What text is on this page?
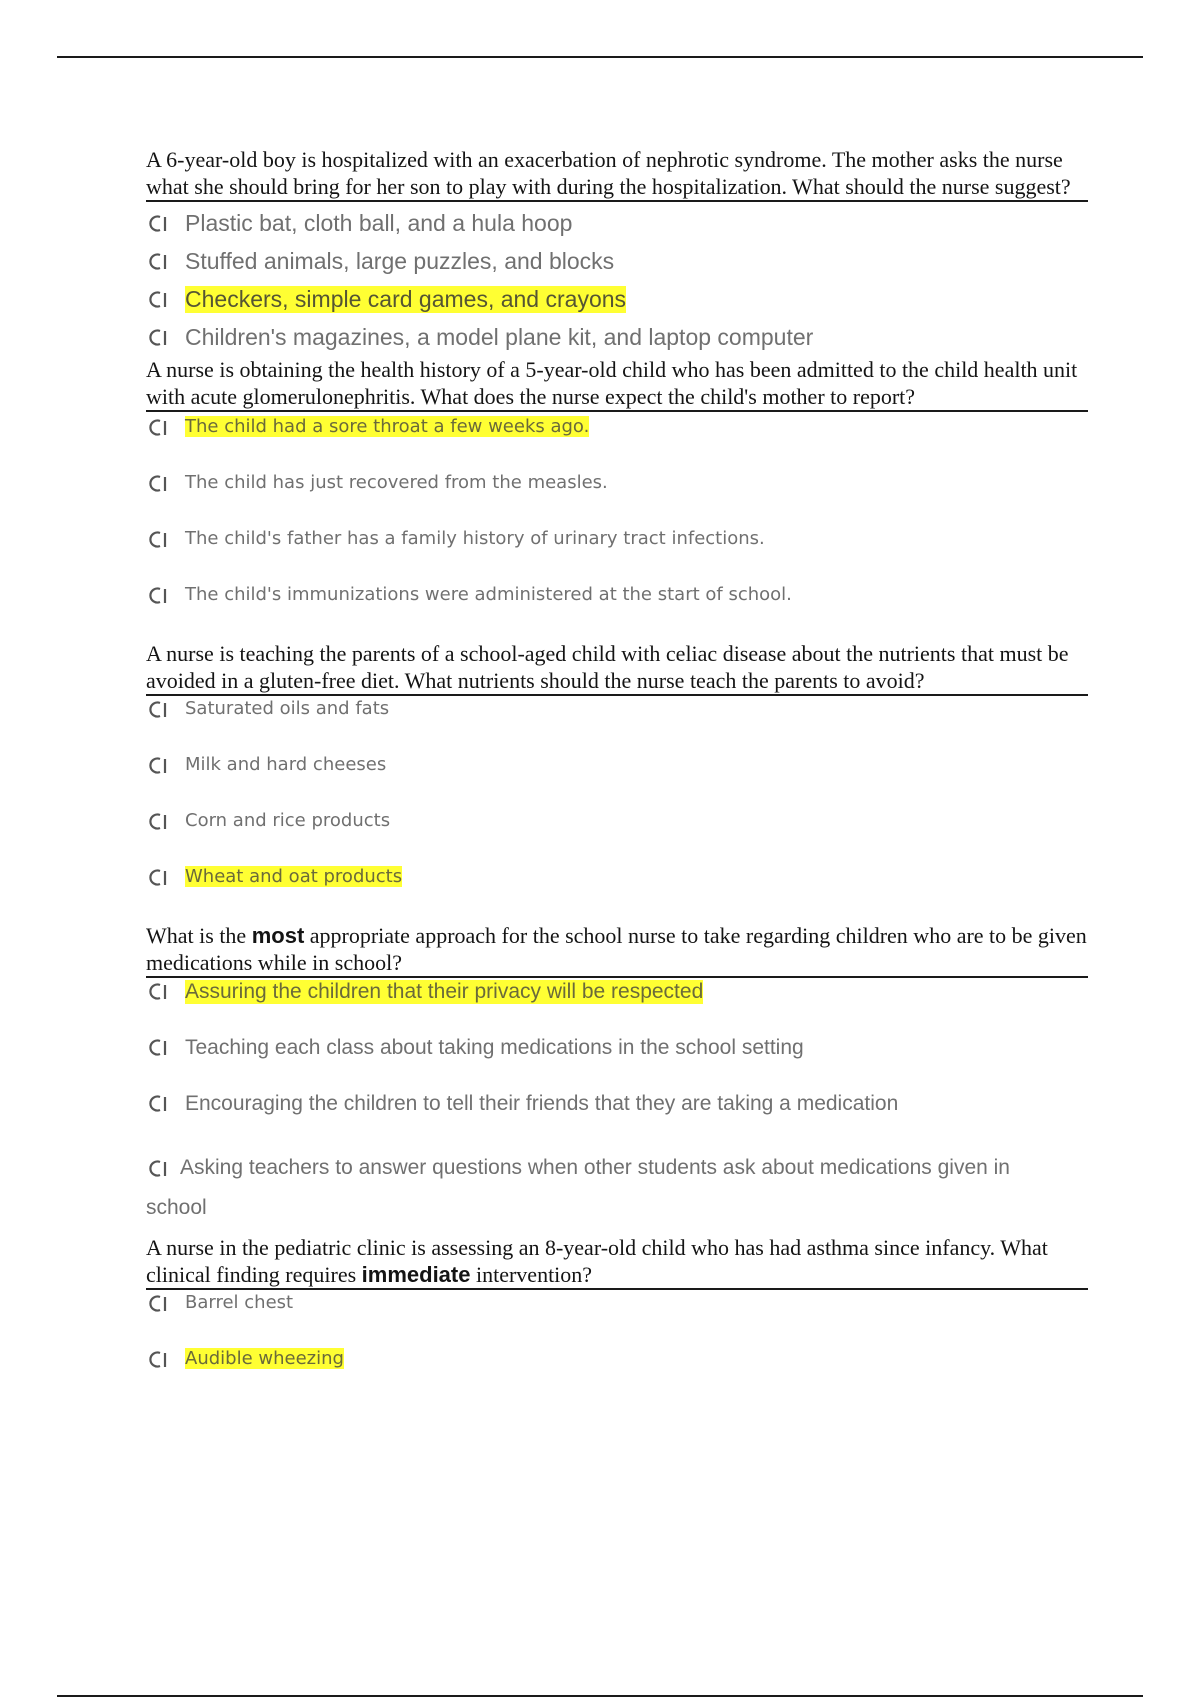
A 6-year-old boy is hospitalized with an exacerbation of nephrotic syndrome. The mother asks the nurse what she should bring for her son to play with during the hospitalization. What should the nurse suggest?

Plastic bat, cloth ball, and a hula hoop
Stuffed animals, large puzzles, and blocks
Checkers, simple card games, and crayons
Children's magazines, a model plane kit, and laptop computer

A nurse is obtaining the health history of a 5-year-old child who has been admitted to the child health unit with acute glomerulonephritis. What does the nurse expect the child's mother to report?

The child had a sore throat a few weeks ago.
The child has just recovered from the measles.
The child's father has a family history of urinary tract infections.
The child's immunizations were administered at the start of school.

A nurse is teaching the parents of a school-aged child with celiac disease about the nutrients that must be avoided in a gluten-free diet. What nutrients should the nurse teach the parents to avoid?

Saturated oils and fats
Milk and hard cheeses
Corn and rice products
Wheat and oat products

What is the most appropriate approach for the school nurse to take regarding children who are to be given medications while in school?

Assuring the children that their privacy will be respected
Teaching each class about taking medications in the school setting
Encouraging the children to tell their friends that they are taking a medication
Asking teachers to answer questions when other students ask about medications given in school

A nurse in the pediatric clinic is assessing an 8-year-old child who has had asthma since infancy. What clinical finding requires immediate intervention?

Barrel chest
Audible wheezing
